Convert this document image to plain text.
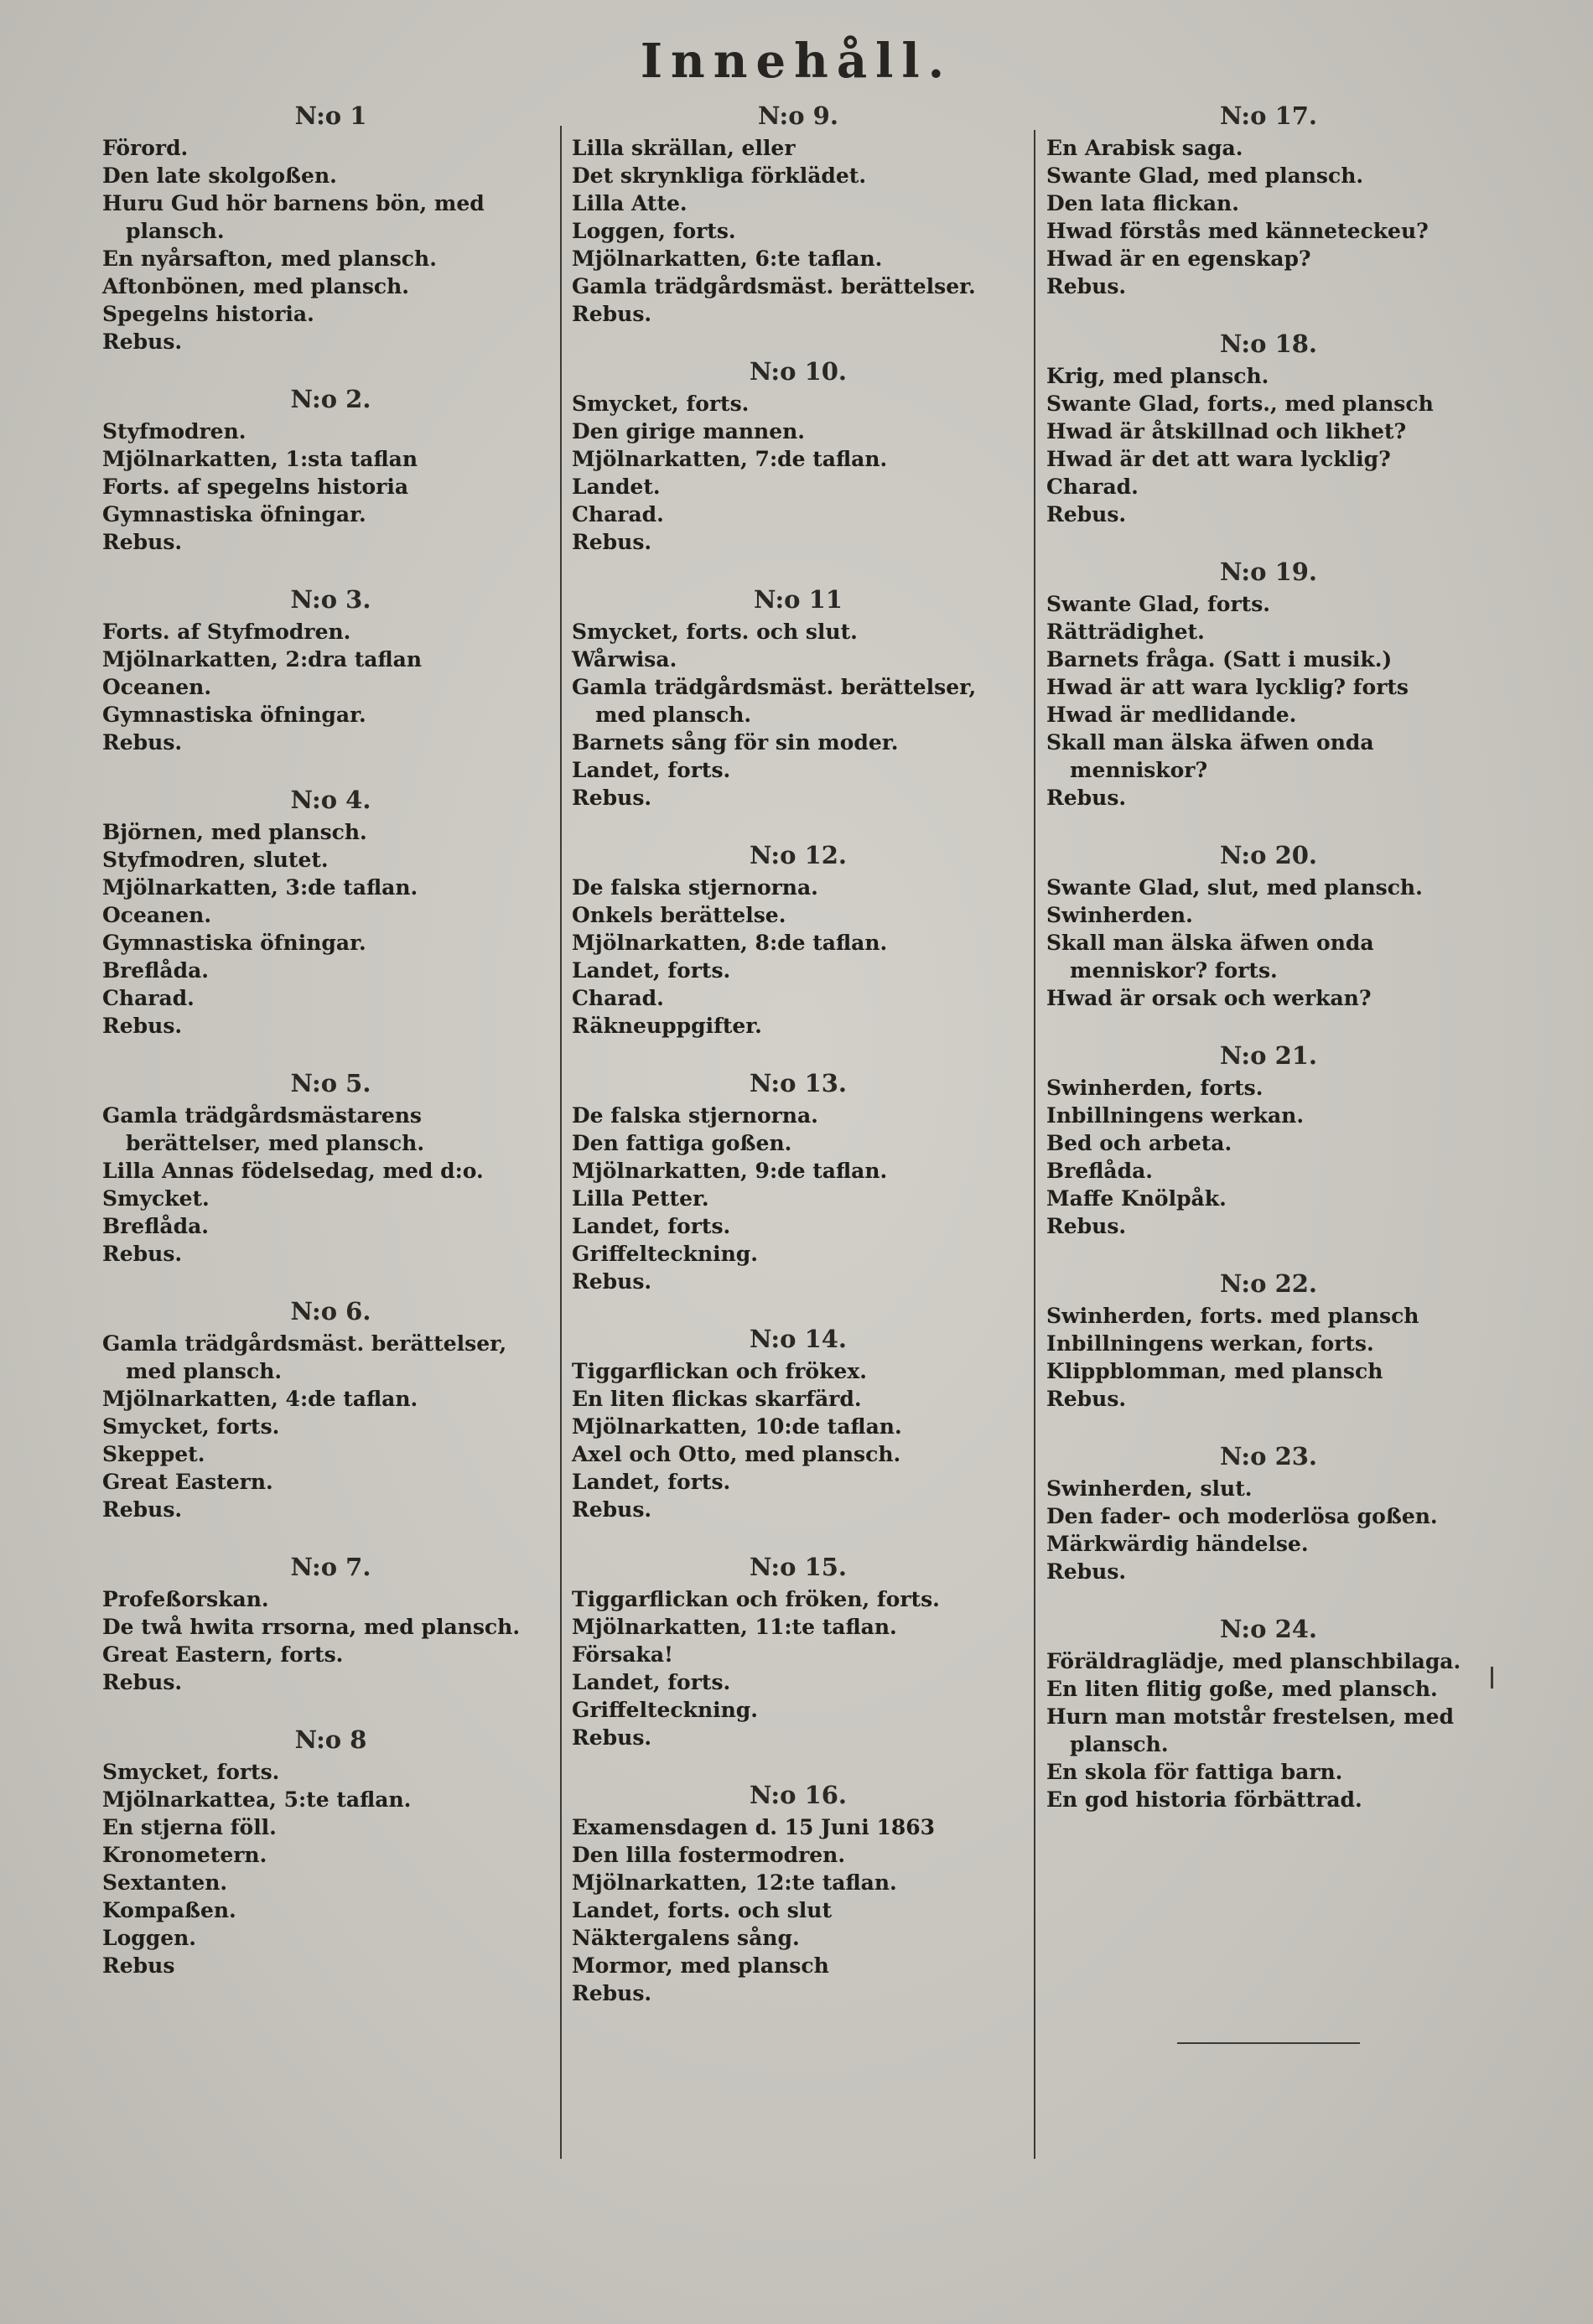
Innehåll.
N:o 1
Förord.
Den late skolgoßen.
Huru Gud hör barnens bön, med plansch.
En nyårsafton, med plansch.
Aftonbönen, med plansch.
Spegelns historia.
Rebus.
N:o 2.
Styfmodren.
Mjölnarkatten, 1:sta taflan
Forts. af spegelns historia
Gymnastiska öfningar.
Rebus.
N:o 3.
Forts. af Styfmodren.
Mjölnarkatten, 2:dra taflan
Oceanen.
Gymnastiska öfningar.
Rebus.
N:o 4.
Björnen, med plansch.
Styfmodren, slutet.
Mjölnarkatten, 3:de taflan.
Oceanen.
Gymnastiska öfningar.
Breflåda.
Charad.
Rebus.
N:o 5.
Gamla trädgårdsmästarens berättelser, med plansch.
Lilla Annas födelsedag, med d:o.
Smycket.
Breflåda.
Rebus.
N:o 6.
Gamla trädgårdsmäst. berättelser, med plansch.
Mjölnarkatten, 4:de taflan.
Smycket, forts.
Skeppet.
Great Eastern.
Rebus.
N:o 7.
Profeßorskan.
De twå hwita rrsorna, med plansch.
Great Eastern, forts.
Rebus.
N:o 8
Smycket, forts.
Mjölnarkattea, 5:te taflan.
En stjerna föll.
Kronometern.
Sextanten.
Kompaßen.
Loggen.
Rebus
N:o 9.
Lilla skrällan, eller
Det skrynkliga förklädet.
Lilla Atte.
Loggen, forts.
Mjölnarkatten, 6:te taflan.
Gamla trädgårdsmäst. berättelser.
Rebus.
N:o 10.
Smycket, forts.
Den girige mannen.
Mjölnarkatten, 7:de taflan.
Landet.
Charad.
Rebus.
N:o 11
Smycket, forts. och slut.
Wårwisa.
Gamla trädgårdsmäst. berättelser, med plansch.
Barnets sång för sin moder.
Landet, forts.
Rebus.
N:o 12.
De falska stjernorna.
Onkels berättelse.
Mjölnarkatten, 8:de taflan.
Landet, forts.
Charad.
Räkneuppgifter.
N:o 13.
De falska stjernorna.
Den fattiga goßen.
Mjölnarkatten, 9:de taflan.
Lilla Petter.
Landet, forts.
Griffelteckning.
Rebus.
N:o 14.
Tiggarflickan och frökex.
En liten flickas skarfärd.
Mjölnarkatten, 10:de taflan.
Axel och Otto, med plansch.
Landet, forts.
Rebus.
N:o 15.
Tiggarflickan och fröken, forts.
Mjölnarkatten, 11:te taflan.
Försaka!
Landet, forts.
Griffelteckning.
Rebus.
N:o 16.
Examensdagen d. 15 Juni 1863
Den lilla fostermodren.
Mjölnarkatten, 12:te taflan.
Landet, forts. och slut
Näktergalens sång.
Mormor, med plansch
Rebus.
N:o 17.
En Arabisk saga.
Swante Glad, med plansch.
Den lata flickan.
Hwad förstås med känneteckeu?
Hwad är en egenskap?
Rebus.
N:o 18.
Krig, med plansch.
Swante Glad, forts., med plansch
Hwad är åtskillnad och likhet?
Hwad är det att wara lycklig?
Charad.
Rebus.
N:o 19.
Swante Glad, forts.
Rätträdighet.
Barnets fråga. (Satt i musik.)
Hwad är att wara lycklig? forts
Hwad är medlidande.
Skall man älska äfwen onda menniskor?
Rebus.
N:o 20.
Swante Glad, slut, med plansch.
Swinherden.
Skall man älska äfwen onda menniskor? forts.
Hwad är orsak och werkan?
N:o 21.
Swinherden, forts.
Inbillningens werkan.
Bed och arbeta.
Breflåda.
Maffe Knölpåk.
Rebus.
N:o 22.
Swinherden, forts. med plansch
Inbillningens werkan, forts.
Klippblomman, med plansch
Rebus.
N:o 23.
Swinherden, slut.
Den fader- och moderlösa goßen.
Märkwärdig händelse.
Rebus.
N:o 24.
Föräldraglädje, med planschbilaga.
En liten flitig goße, med plansch.
Hurn man motstår frestelsen, med plansch.
En skola för fattiga barn.
En god historia förbättrad.
